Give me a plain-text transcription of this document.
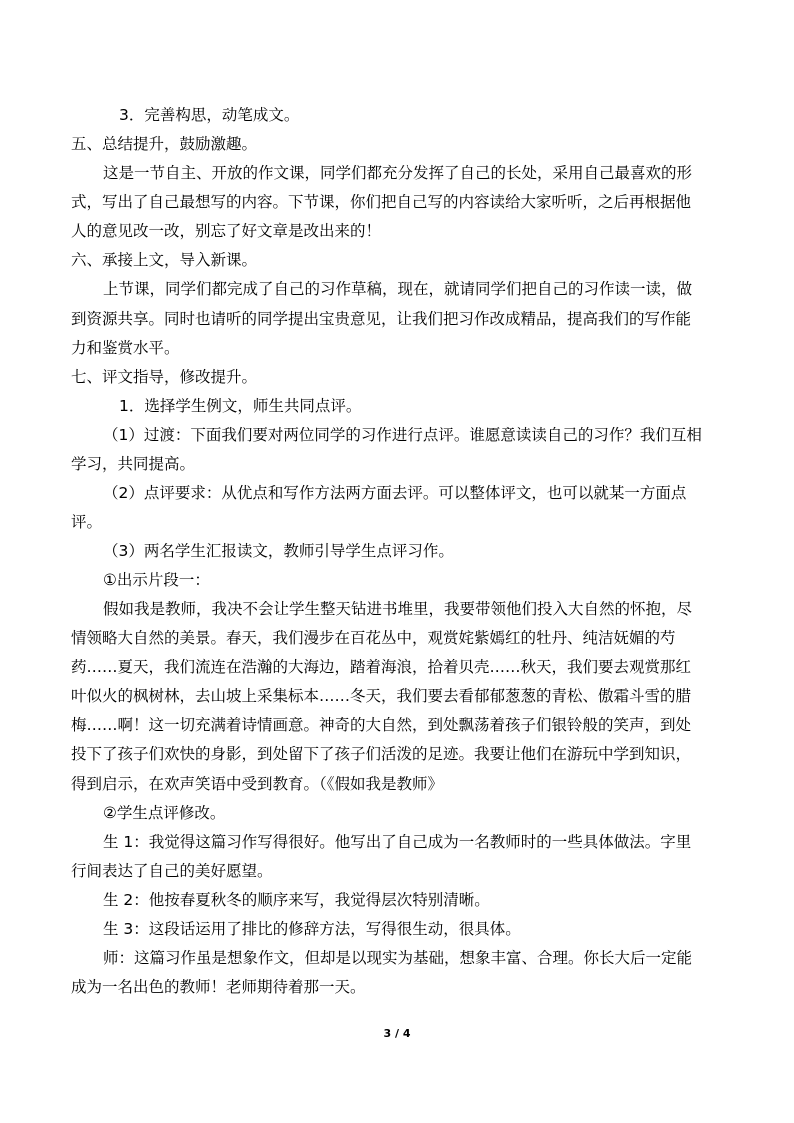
3．完善构思，动笔成文。

五、总结提升，鼓励激趣。

这是一节自主、开放的作文课，同学们都充分发挥了自己的长处，采用自己最喜欢的形

式，写出了自己最想写的内容。下节课，你们把自己写的内容读给大家听听，之后再根据他

人的意见改一改，别忘了好文章是改出来的！

六、承接上文，导入新课。

上节课，同学们都完成了自己的习作草稿，现在，就请同学们把自己的习作读一读，做

到资源共享。同时也请听的同学提出宝贵意见，让我们把习作改成精品，提高我们的写作能

力和鉴赏水平。

七、评文指导，修改提升。

1．选择学生例文，师生共同点评。

（1）过渡：下面我们要对两位同学的习作进行点评。谁愿意读读自己的习作？我们互相

学习，共同提高。

（2）点评要求：从优点和写作方法两方面去评。可以整体评文，也可以就某一方面点

评。

（3）两名学生汇报读文，教师引导学生点评习作。

①出示片段一：

假如我是教师，我决不会让学生整天钻进书堆里，我要带领他们投入大自然的怀抱，尽

情领略大自然的美景。春天，我们漫步在百花丛中，观赏姹紫嫣红的牡丹、纯洁妩媚的芍

药……夏天，我们流连在浩瀚的大海边，踏着海浪，拾着贝壳……秋天，我们要去观赏那红

叶似火的枫树林，去山坡上采集标本……冬天，我们要去看郁郁葱葱的青松、傲霜斗雪的腊

梅……啊！这一切充满着诗情画意。神奇的大自然，到处飘荡着孩子们银铃般的笑声，到处

投下了孩子们欢快的身影，到处留下了孩子们活泼的足迹。我要让他们在游玩中学到知识，

得到启示，在欢声笑语中受到教育。（《假如我是教师》

②学生点评修改。

生 1：我觉得这篇习作写得很好。他写出了自己成为一名教师时的一些具体做法。字里

行间表达了自己的美好愿望。

生 2：他按春夏秋冬的顺序来写，我觉得层次特别清晰。

生 3：这段话运用了排比的修辞方法，写得很生动，很具体。

师：这篇习作虽是想象作文，但却是以现实为基础，想象丰富、合理。你长大后一定能

成为一名出色的教师！老师期待着那一天。

3 / 4
